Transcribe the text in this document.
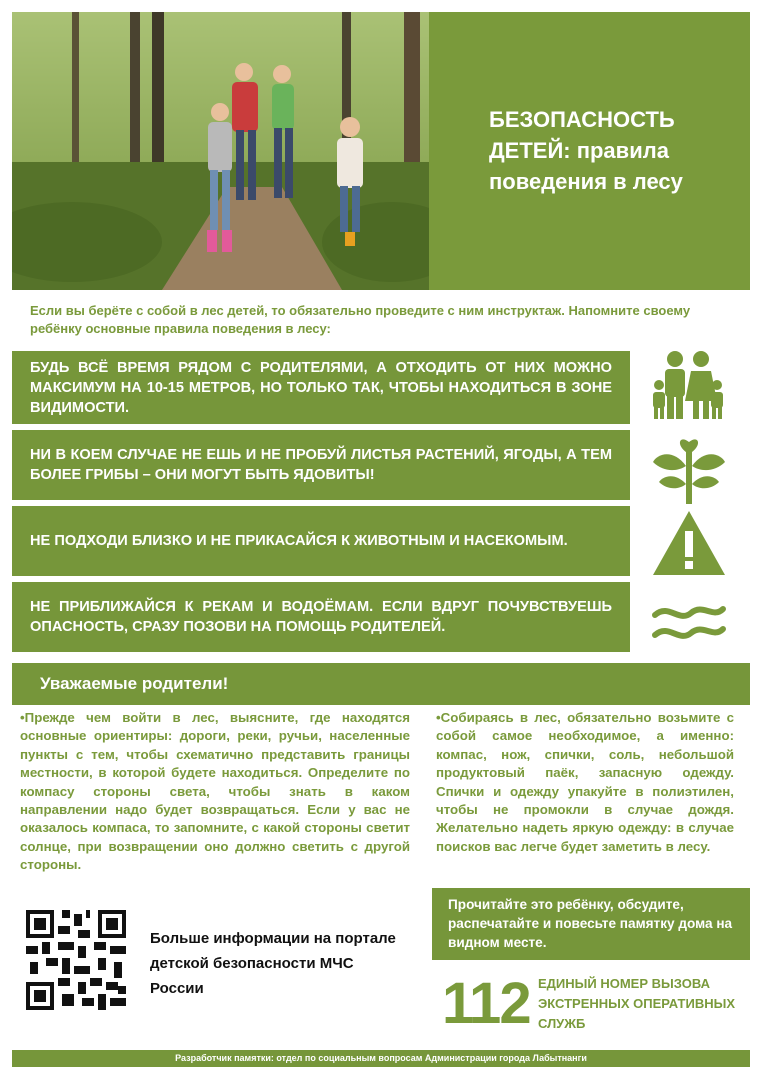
БЕЗОПАСНОСТЬ ДЕТЕЙ: правила поведения в лесу
Если вы берёте с собой в лес детей, то обязательно проведите с ним инструктаж. Напомните своему ребёнку основные правила поведения в лесу:
БУДЬ ВСЁ ВРЕМЯ РЯДОМ С РОДИТЕЛЯМИ, А ОТХОДИТЬ ОТ НИХ МОЖНО МАКСИМУМ НА 10-15 МЕТРОВ, НО ТОЛЬКО ТАК, ЧТОБЫ НАХОДИТЬСЯ В ЗОНЕ ВИДИМОСТИ.
НИ В КОЕМ СЛУЧАЕ НЕ ЕШЬ И НЕ ПРОБУЙ ЛИСТЬЯ РАСТЕНИЙ, ЯГОДЫ, А ТЕМ БОЛЕЕ ГРИБЫ – ОНИ МОГУТ БЫТЬ ЯДОВИТЫ!
НЕ ПОДХОДИ БЛИЗКО И НЕ ПРИКАСАЙСЯ К ЖИВОТНЫМ И НАСЕКОМЫМ.
НЕ ПРИБЛИЖАЙСЯ К РЕКАМ И ВОДОЁМАМ. ЕСЛИ ВДРУГ ПОЧУВСТВУЕШЬ ОПАСНОСТЬ, СРАЗУ ПОЗОВИ НА ПОМОЩЬ РОДИТЕЛЕЙ.
Уважаемые родители!
•Прежде чем войти в лес, выясните, где находятся основные ориентиры: дороги, реки, ручьи, населенные пункты с тем, чтобы схематично представить границы местности, в которой будете находиться. Определите по компасу стороны света, чтобы знать в каком направлении надо будет возвращаться. Если у вас не оказалось компаса, то запомните, с какой стороны светит солнце, при возвращении оно должно светить с другой стороны.
•Собираясь в лес, обязательно возьмите с собой самое необходимое, а именно: компас, нож, спички, соль, небольшой продуктовый паёк, запасную одежду. Спички и одежду упакуйте в полиэтилен, чтобы не промокли в случае дождя. Желательно надеть яркую одежду: в случае поисков вас легче будет заметить в лесу.
Больше информации на портале детской безопасности МЧС России
Прочитайте это ребёнку, обсудите, распечатайте и повесьте памятку дома на видном месте.
112 ЕДИНЫЙ НОМЕР ВЫЗОВА ЭКСТРЕННЫХ ОПЕРАТИВНЫХ СЛУЖБ
Разработчик памятки: отдел по социальным вопросам Администрации города Лабытнанги
